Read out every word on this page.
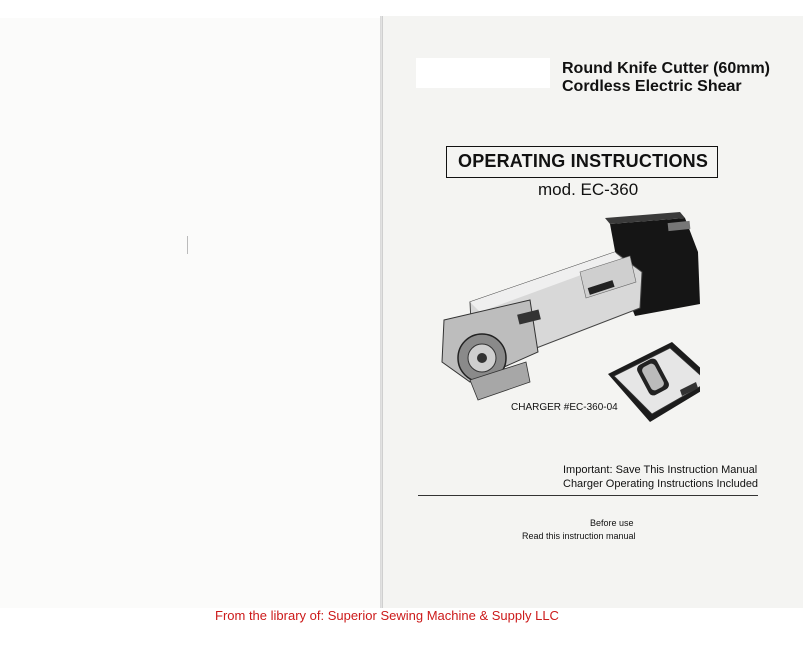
Round Knife Cutter (60mm)
Cordless Electric Shear
OPERATING INSTRUCTIONS
mod. EC-360
CHARGER #EC-360-04
Important: Save This Instruction Manual
Charger Operating Instructions Included
Before use
Read this instruction manual
From the library of: Superior Sewing Machine & Supply LLC
